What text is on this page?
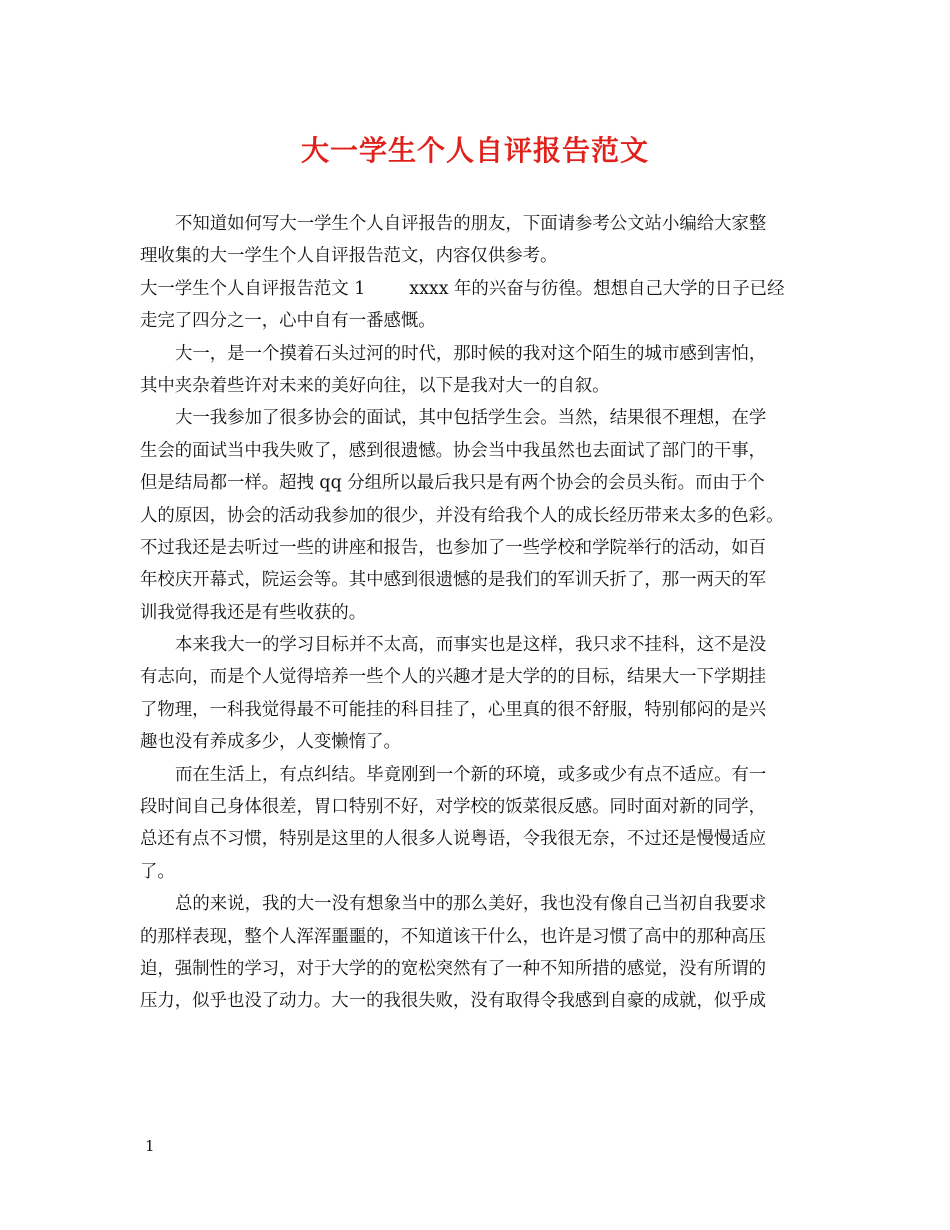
大一学生个人自评报告范文
不知道如何写大一学生个人自评报告的朋友，下面请参考公文站小编给大家整
理收集的大一学生个人自评报告范文，内容仅供参考。
大一学生个人自评报告范文 1	xxxx 年的兴奋与彷徨。想想自己大学的日子已经
走完了四分之一，心中自有一番感慨。
大一，是一个摸着石头过河的时代，那时候的我对这个陌生的城市感到害怕，
其中夹杂着些许对未来的美好向往，以下是我对大一的自叙。
大一我参加了很多协会的面试，其中包括学生会。当然，结果很不理想，在学
生会的面试当中我失败了，感到很遗憾。协会当中我虽然也去面试了部门的干事，
但是结局都一样。超拽 qq 分组所以最后我只是有两个协会的会员头衔。而由于个
人的原因，协会的活动我参加的很少，并没有给我个人的成长经历带来太多的色彩。
不过我还是去听过一些的讲座和报告，也参加了一些学校和学院举行的活动，如百
年校庆开幕式，院运会等。其中感到很遗憾的是我们的军训夭折了，那一两天的军
训我觉得我还是有些收获的。
本来我大一的学习目标并不太高，而事实也是这样，我只求不挂科，这不是没
有志向，而是个人觉得培养一些个人的兴趣才是大学的的目标，结果大一下学期挂
了物理，一科我觉得最不可能挂的科目挂了，心里真的很不舒服，特别郁闷的是兴
趣也没有养成多少，人变懒惰了。
而在生活上，有点纠结。毕竟刚到一个新的环境，或多或少有点不适应。有一
段时间自己身体很差，胃口特别不好，对学校的饭菜很反感。同时面对新的同学，
总还有点不习惯，特别是这里的人很多人说粤语，令我很无奈，不过还是慢慢适应
了。
总的来说，我的大一没有想象当中的那么美好，我也没有像自己当初自我要求
的那样表现，整个人浑浑噩噩的，不知道该干什么，也许是习惯了高中的那种高压
迫，强制性的学习，对于大学的的宽松突然有了一种不知所措的感觉，没有所谓的
压力，似乎也没了动力。大一的我很失败，没有取得令我感到自豪的成就，似乎成
1
